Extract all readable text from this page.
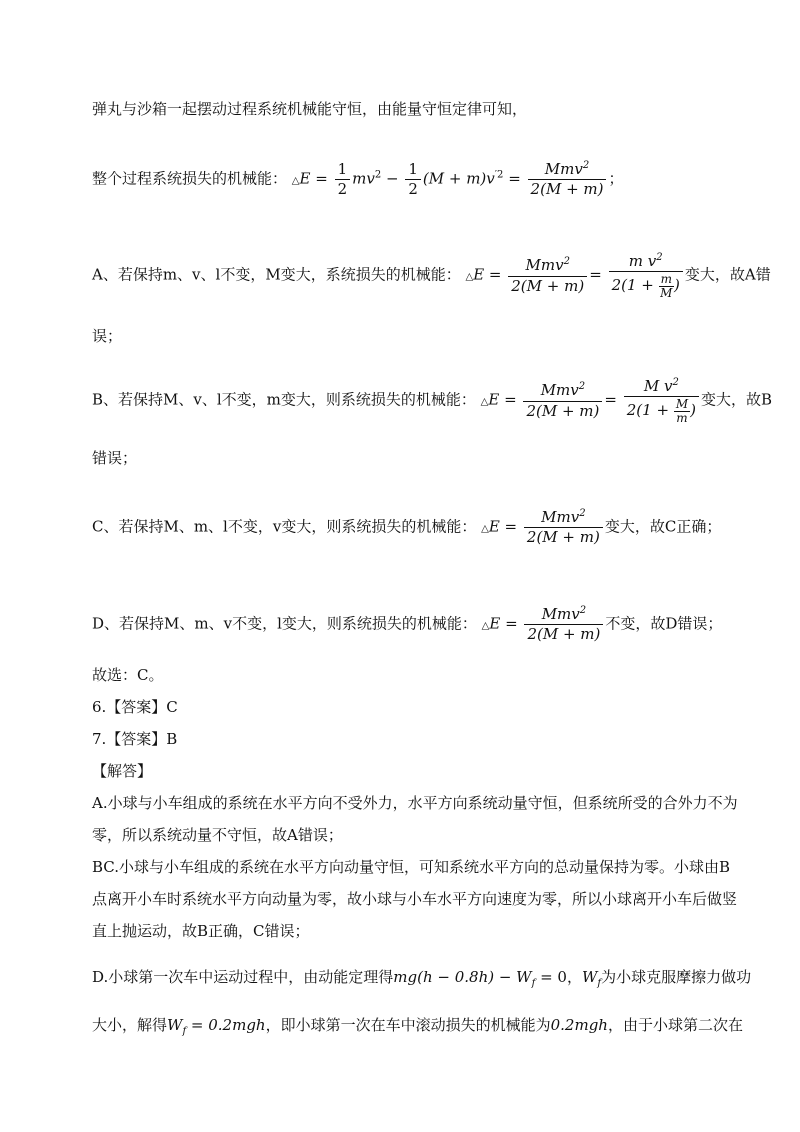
弹丸与沙箱一起摆动过程系统机械能守恒，由能量守恒定律可知，
整个过程系统损失的机械能： △E = $\frac{1}{2} mv^2 - \frac{1}{2} (M + m)v^{'2} = \frac{Mmv^2}{2(M + m)}$ ；
A、若保持m、v、l不变，M变大，系统损失的机械能： △E = $\frac{Mmv^2}{2(M + m)} = \frac{m v^2}{2(1 + \frac{m}{M} )}$ 变大，故A错
误；
B、若保持M、v、l不变，m变大，则系统损失的机械能： △E = $\frac{Mmv^2}{2(M + m)} = \frac{M v^2}{2(1 + \frac{M}{m} )}$ 变大，故B
错误；
C、若保持M、m、l不变，v变大，则系统损失的机械能： △E = $\frac{Mmv^2}{2(M + m)}$ 变大，故C正确；
D、若保持M、m、v不变，l变大，则系统损失的机械能： △E = $\frac{Mmv^2}{2(M + m)}$ 不变，故D错误；
故选：C。
6.【答案】C
7.【答案】B
【解答】
A.小球与小车组成的系统在水平方向不受外力，水平方向系统动量守恒，但系统所受的合外力不为
零，所以系统动量不守恒，故A错误；
BC.小球与小车组成的系统在水平方向动量守恒，可知系统水平方向的总动量保持为零。小球由B
点离开小车时系统水平方向动量为零，故小球与小车水平方向速度为零，所以小球离开小车后做竖
直上抛运动，故B正确，C错误；
D.小球第一次车中运动过程中，由动能定理得$mg(h - 0.8h) - W_f = 0$，$W_f$为小球克服摩擦力做功
大小，解得$W_f = 0.2mgh$，即小球第一次在车中滚动损失的机械能为0.2mgh，由于小球第二次在
